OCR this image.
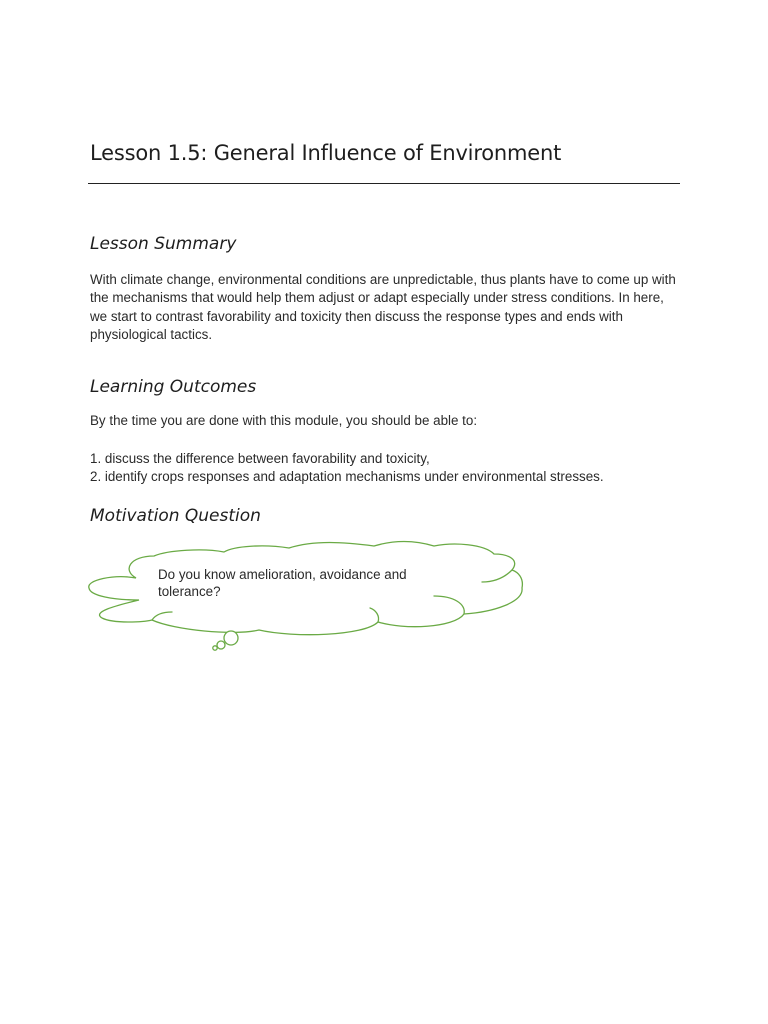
Lesson 1.5: General Influence of Environment
Lesson Summary

With climate change, environmental conditions are unpredictable, thus plants have to come up with the mechanisms that would help them adjust or adapt especially under stress conditions. In here, we start to contrast favorability and toxicity then discuss the response types and ends with physiological tactics.

Learning Outcomes

By the time you are done with this module, you should be able to:

1. discuss the difference between favorability and toxicity,
2. identify crops responses and adaptation mechanisms under environmental stresses.
Motivation Question

Do you know amelioration, avoidance and tolerance?
